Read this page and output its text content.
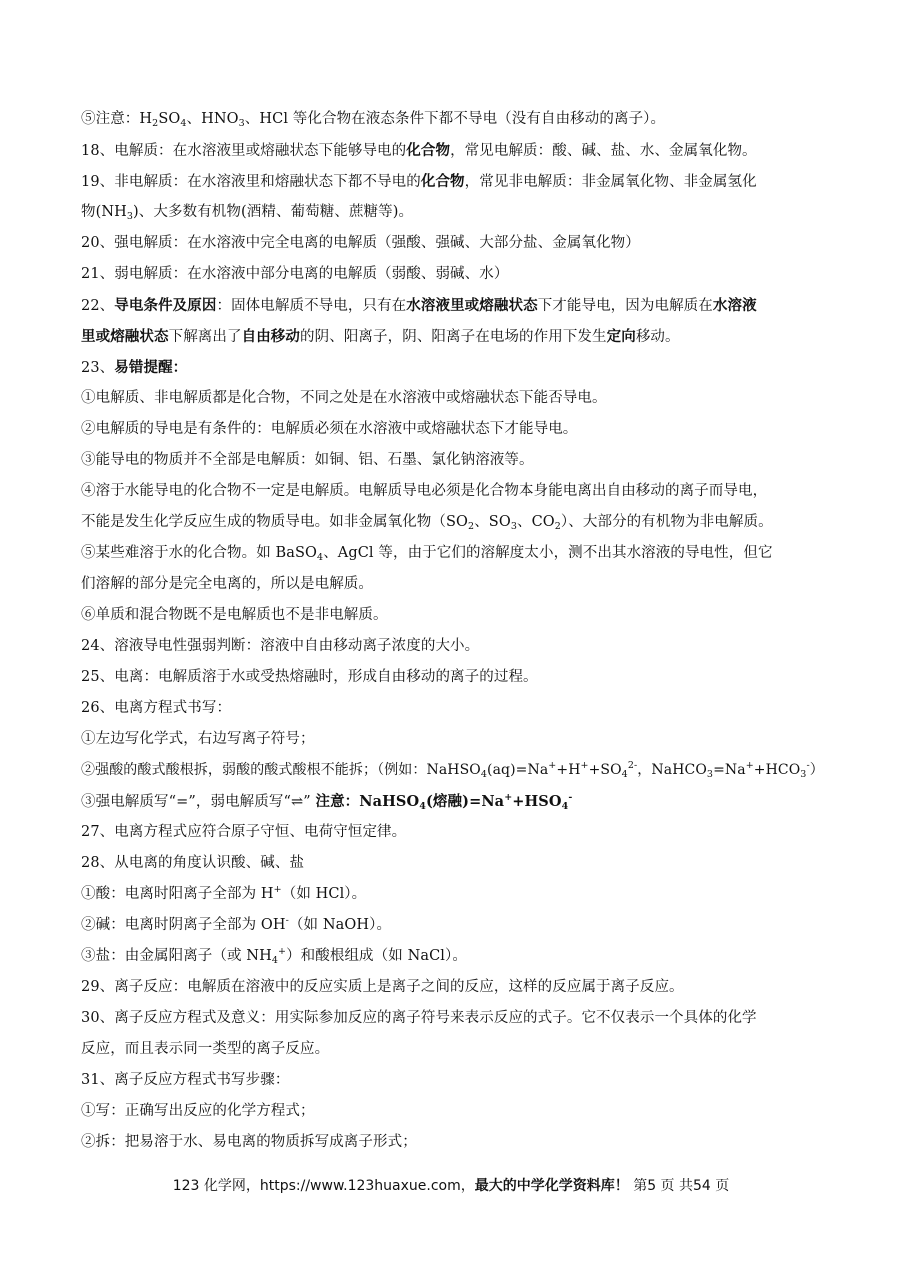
⑤注意：$H_2SO_4$、$HNO_3$、HCl 等化合物在液态条件下都不导电（没有自由移动的离子）。
18、电解质：在水溶液里或熔融状态下能够导电的化合物，常见电解质：酸、碱、盐、水、金属氧化物。
19、非电解质：在水溶液里和熔融状态下都不导电的化合物，常见非电解质：非金属氧化物、非金属氢化
物$(NH_3)$、大多数有机物(酒精、葡萄糖、蔗糖等)。
20、强电解质：在水溶液中完全电离的电解质（强酸、强碱、大部分盐、金属氧化物）
21、弱电解质：在水溶液中部分电离的电解质（弱酸、弱碱、水）
22、导电条件及原因：固体电解质不导电，只有在水溶液里或熔融状态下才能导电，因为电解质在水溶液
里或熔融状态下解离出了自由移动的阴、阳离子，阴、阳离子在电场的作用下发生定向移动。
23、易错提醒：
①电解质、非电解质都是化合物，不同之处是在水溶液中或熔融状态下能否导电。
②电解质的导电是有条件的：电解质必须在水溶液中或熔融状态下才能导电。
③能导电的物质并不全部是电解质：如铜、铝、石墨、氯化钠溶液等。
④溶于水能导电的化合物不一定是电解质。电解质导电必须是化合物本身能电离出自由移动的离子而导电，
不能是发生化学反应生成的物质导电。如非金属氧化物（$SO_2$、$SO_3$、$CO_2$）、大部分的有机物为非电解质。
⑤某些难溶于水的化合物。如 BaSO$_4$、AgCl 等，由于它们的溶解度太小，测不出其水溶液的导电性，但它
们溶解的部分是完全电离的，所以是电解质。
⑥单质和混合物既不是电解质也不是非电解质。
24、溶液导电性强弱判断：溶液中自由移动离子浓度的大小。
25、电离：电解质溶于水或受热熔融时，形成自由移动的离子的过程。
26、电离方程式书写：
①左边写化学式，右边写离子符号；
②强酸的酸式酸根拆，弱酸的酸式酸根不能拆；（例如：$NaHSO_4(aq)=Na^++H^++SO_4^{2-}$，$NaHCO_3=Na^++HCO_3^-$）
③强电解质写“=”，弱电解质写“⇌” 注意：NaHSO$_4$(熔融)$=Na^++HSO_4^-$
27、电离方程式应符合原子守恒、电荷守恒定律。
28、从电离的角度认识酸、碱、盐
①酸：电离时阳离子全部为 H+（如 HCl）。
②碱：电离时阴离子全部为 OH-（如 NaOH）。
③盐：由金属阳离子（或 $NH_4^+$）和酸根组成（如 NaCl）。
29、离子反应：电解质在溶液中的反应实质上是离子之间的反应，这样的反应属于离子反应。
30、离子反应方程式及意义：用实际参加反应的离子符号来表示反应的式子。它不仅表示一个具体的化学
反应，而且表示同一类型的离子反应。
31、离子反应方程式书写步骤：
①写：正确写出反应的化学方程式；
②拆：把易溶于水、易电离的物质拆写成离子形式；
123 化学网，https://www.123huaxue.com，最大的中学化学资料库！ 第5 页 共54 页
